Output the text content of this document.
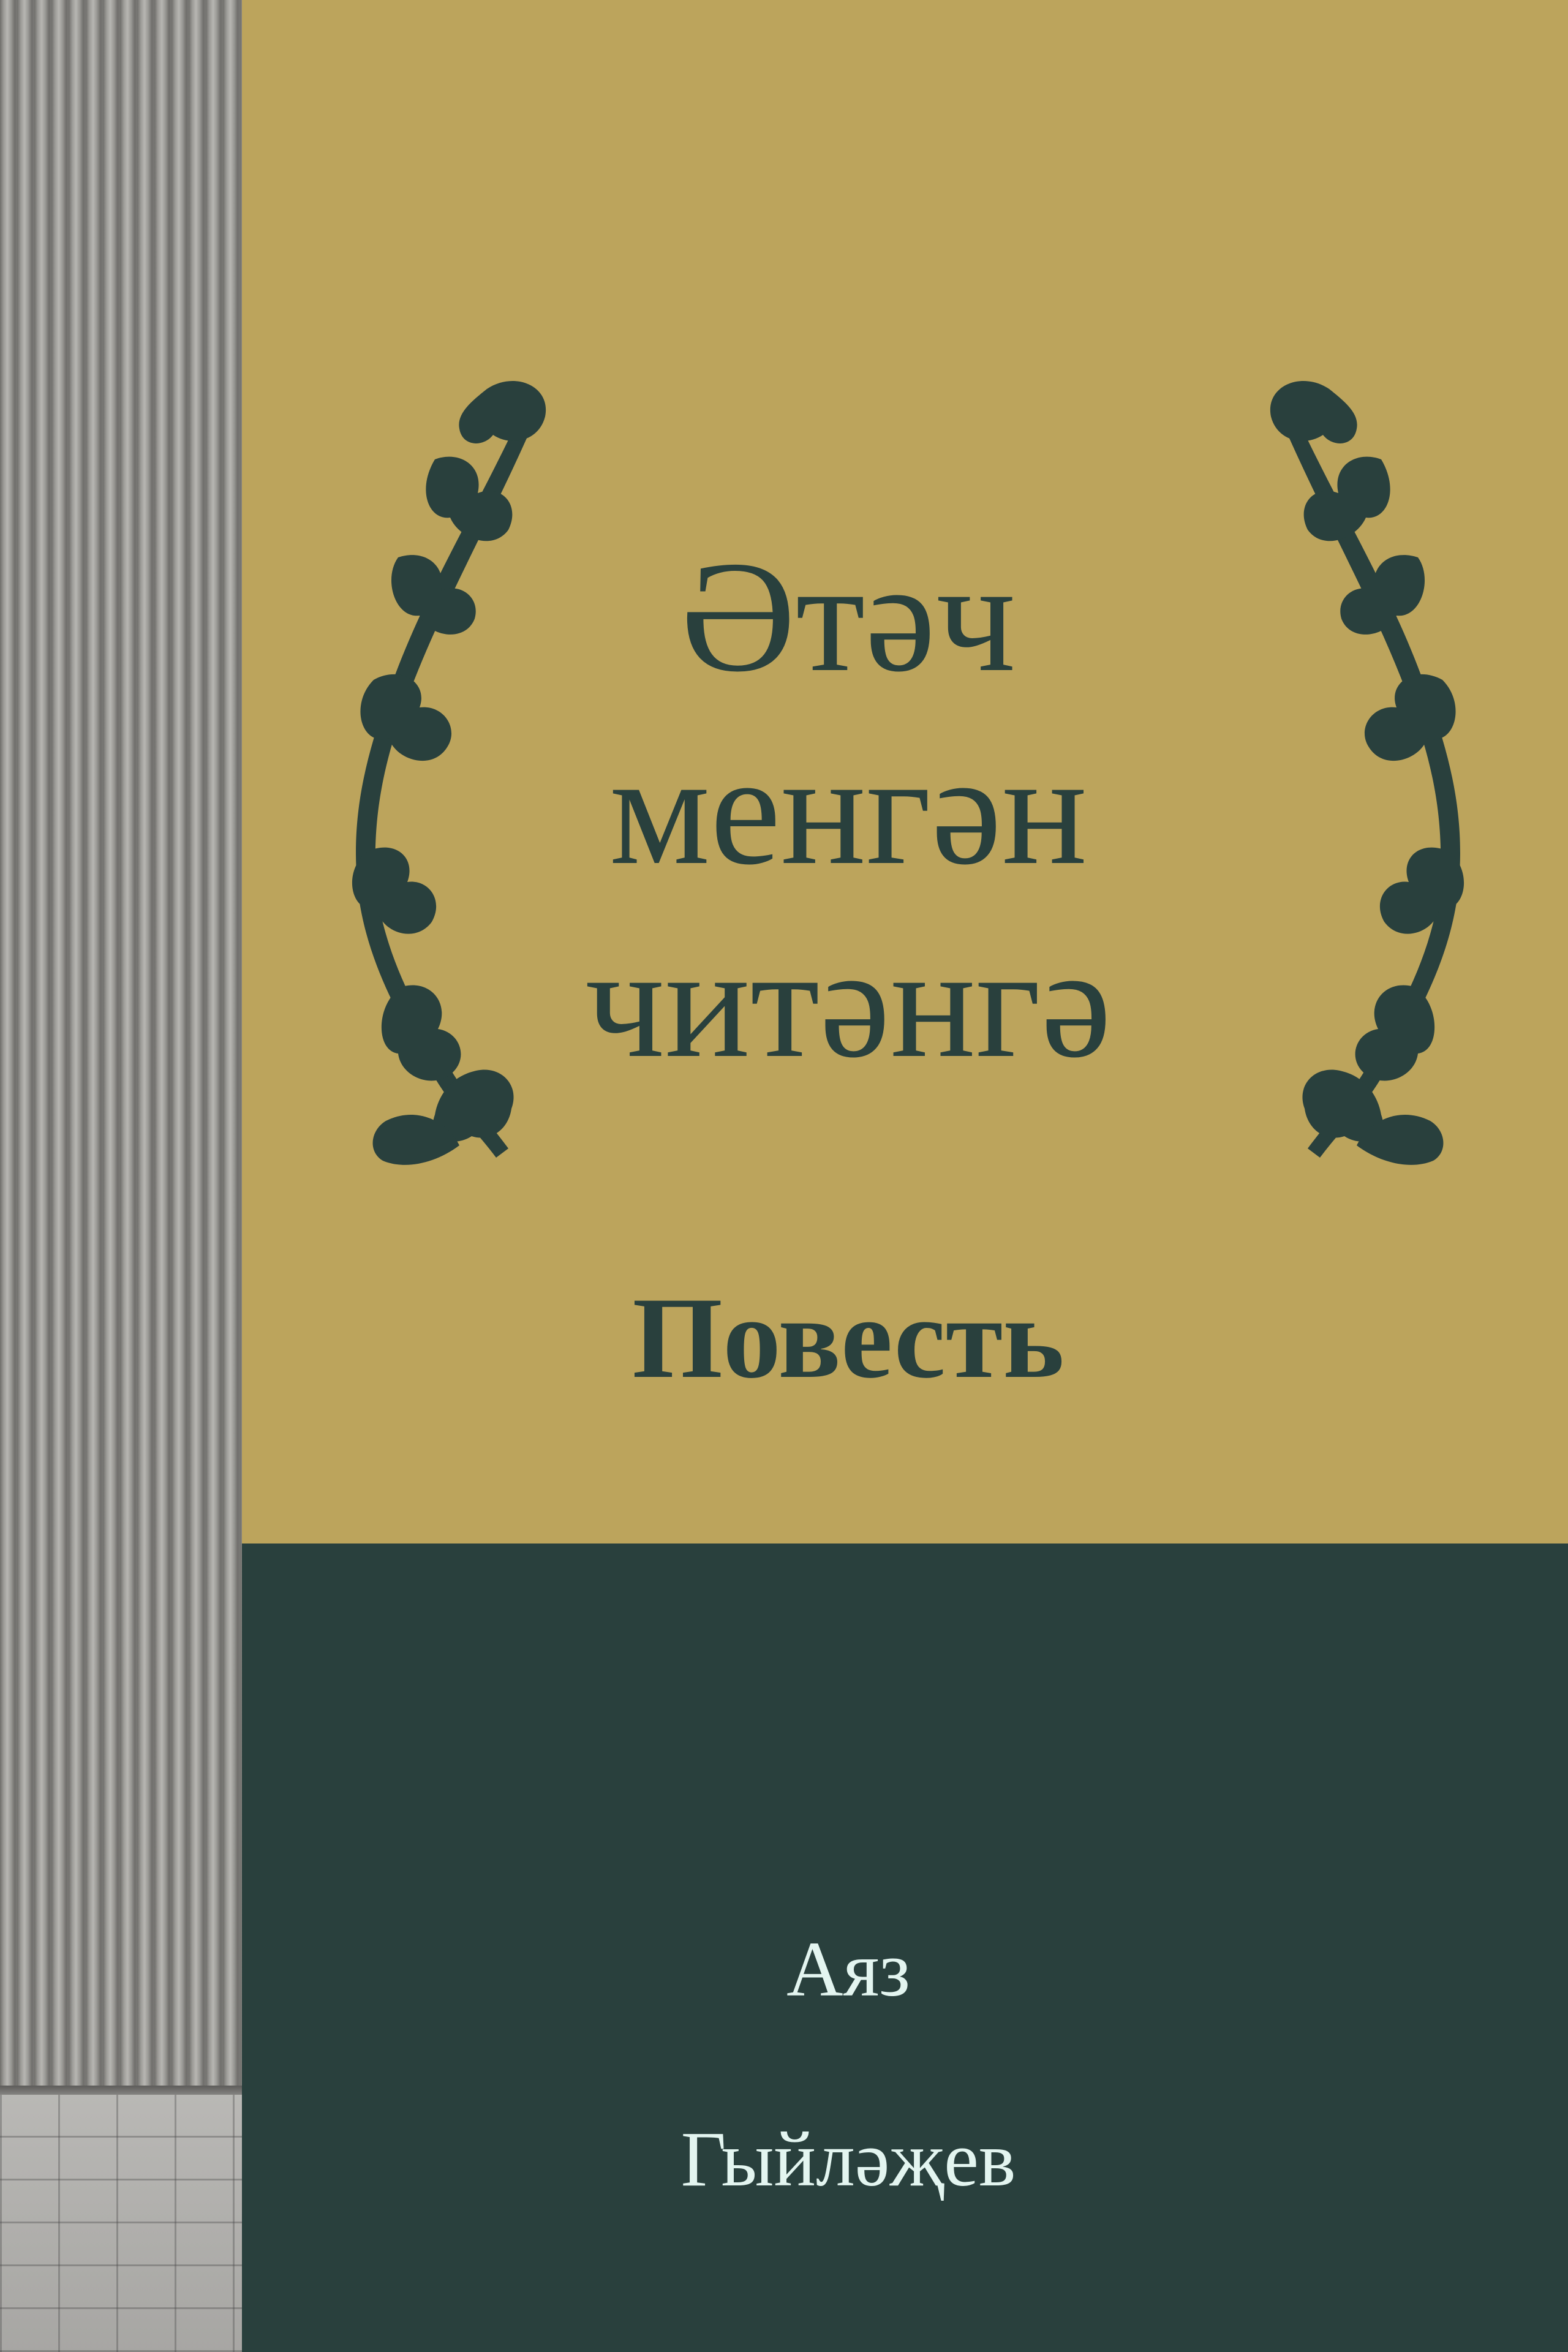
Әтәч
менгән
читәнгә
Повесть
Аяз
Гыйләҗев
